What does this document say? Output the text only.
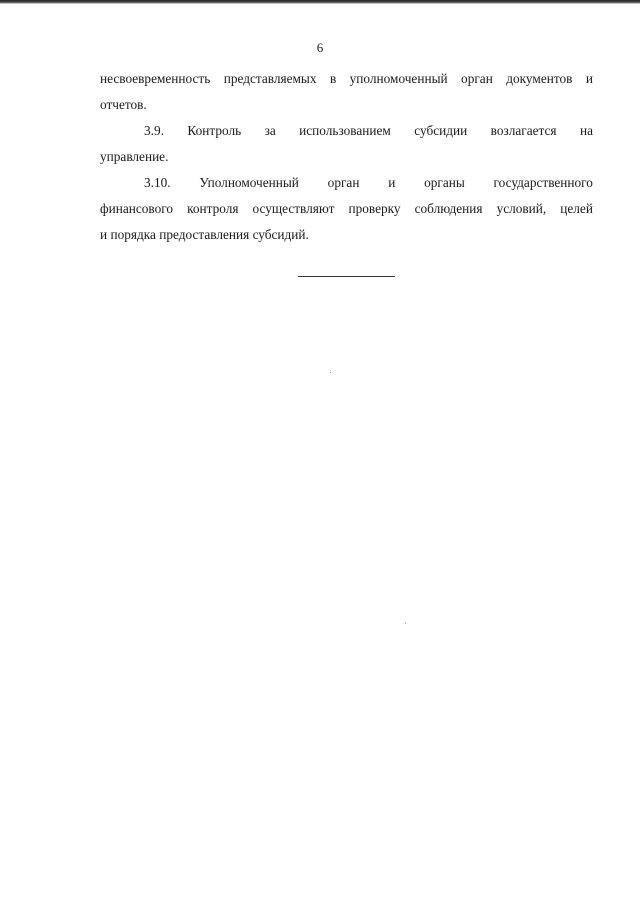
6
несвоевременность представляемых в уполномоченный орган документов и
отчетов.
3.9. Контроль за использованием субсидии возлагается на
управление.
3.10. Уполномоченный орган и органы государственного
финансового контроля осуществляют проверку соблюдения условий, целей
и порядка предоставления субсидий.
